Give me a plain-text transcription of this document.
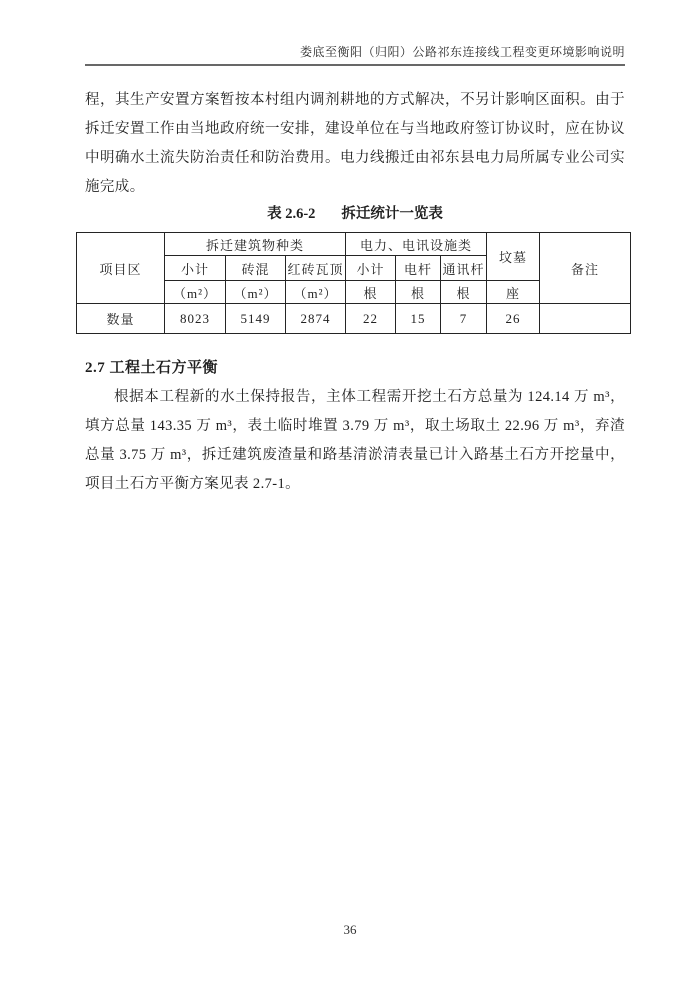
娄底至衡阳（归阳）公路祁东连接线工程变更环境影响说明

程，其生产安置方案暂按本村组内调剂耕地的方式解决，不另计影响区面积。由于拆迁安置工作由当地政府统一安排，建设单位在与当地政府签订协议时，应在协议中明确水土流失防治责任和防治费用。电力线搬迁由祁东县电力局所属专业公司实施完成。

表 2.6-2 拆迁统计一览表
项目区	拆迁建筑物种类			电力、电讯设施类			坟墓	备注
	小计	砖混	红砖瓦顶	小计	电杆	通讯杆		
	（m²）	（m²）	（m²）	根	根	根	座	
数量	8023	5149	2874	22	15	7	26	
2.7 工程土石方平衡

根据本工程新的水土保持报告，主体工程需开挖土石方总量为 124.14 万 m³，填方总量 143.35 万 m³，表土临时堆置 3.79 万 m³，取土场取土 22.96 万 m³，弃渣总量 3.75 万 m³，拆迁建筑废渣量和路基清淤清表量已计入路基土石方开挖量中，项目土石方平衡方案见表 2.7-1。

36
